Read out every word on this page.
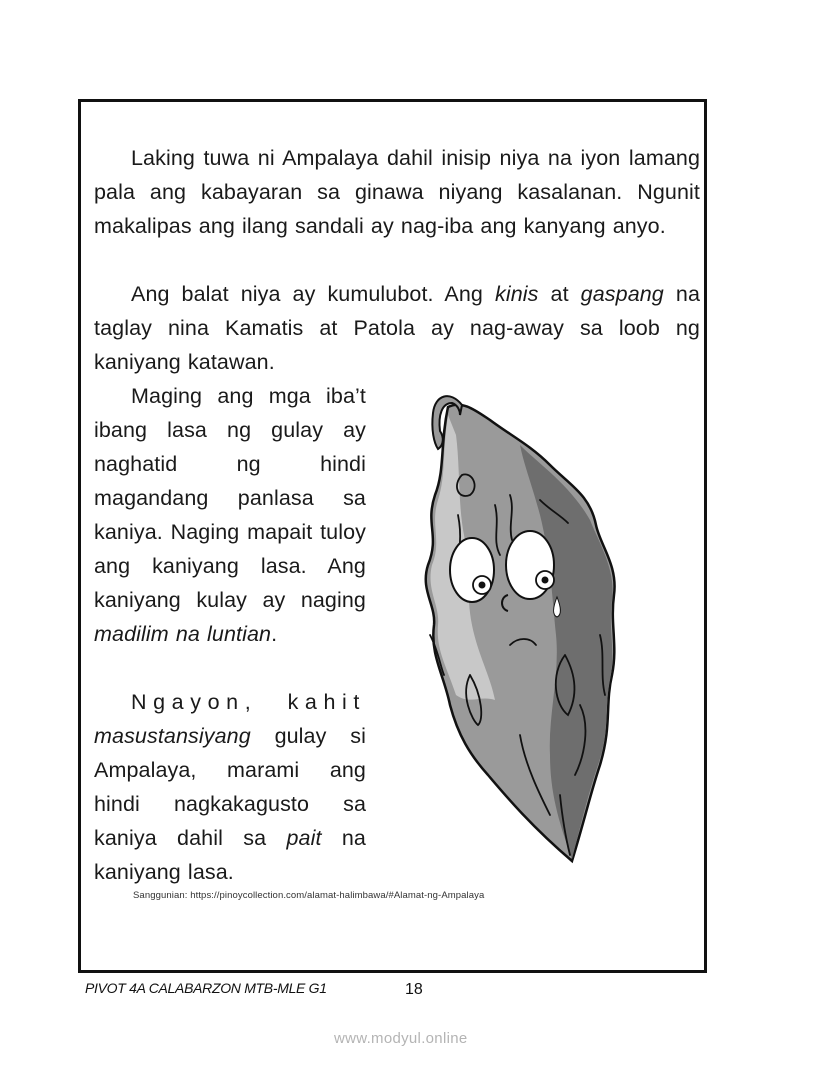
Laking tuwa ni Ampalaya dahil inisip niya na iyon lamang pala ang kabayaran sa ginawa niyang kasalanan. Ngunit makalipas ang ilang sandali ay nag-iba ang kanyang anyo.

Ang balat niya ay kumulubot. Ang kinis at gaspang na taglay nina Kamatis at Patola ay nag-away sa loob ng kaniyang katawan.

Maging ang mga iba’t ibang lasa ng gulay ay naghatid ng hindi magandang panlasa sa kaniya. Naging mapait tuloy ang kaniyang lasa. Ang kaniyang kulay ay naging madilim na luntian.

Ngayon, kahit masustansiyang gulay si Ampalaya, marami ang hindi nagkakagusto sa kaniya dahil sa pait na kaniyang lasa.

Sanggunian: https://pinoycollection.com/alamat-halimbawa/#Alamat-ng-Ampalaya
PIVOT 4A CALABARZON MTB-MLE G1	18
www.modyul.online
